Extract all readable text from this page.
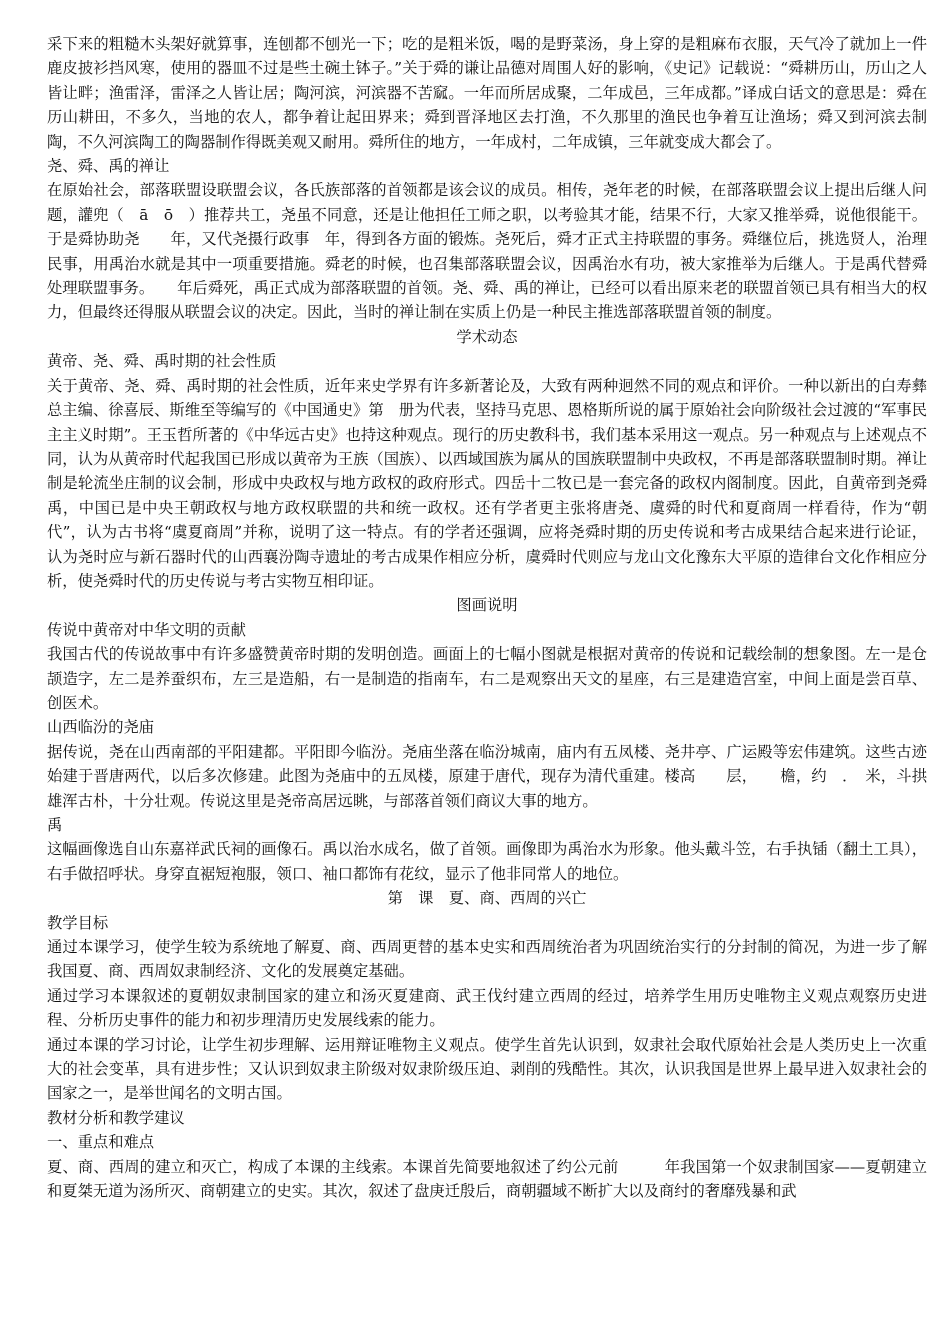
采下来的粗糙木头架好就算事，连刨都不刨光一下；吃的是粗米饭，喝的是野菜汤，身上穿的是粗麻布衣服，天气冷了就加上一件鹿皮披衫挡风寒，使用的器皿不过是些土碗土钵子。”关于舜的谦让品德对周围人好的影响，《史记》记载说：“舜耕历山，历山之人皆让畔；渔雷泽，雷泽之人皆让居；陶河滨，河滨器不苦窳。一年而所居成聚，二年成邑，三年成都。”译成白话文的意思是：舜在历山耕田，不多久，当地的农人，都争着让起田界来；舜到晋泽地区去打渔，不久那里的渔民也争着互让渔场；舜又到河滨去制陶，不久河滨陶工的陶器制作得既美观又耐用。舜所住的地方，一年成村，二年成镇，三年就变成大都会了。

尧、舜、禹的禅让

在原始社会，部落联盟设联盟会议，各氏族部落的首领都是该会议的成员。相传，尧年老的时候，在部落联盟会议上提出后继人问题，讙兜（　ā　ō　）推荐共工，尧虽不同意，还是让他担任工师之职，以考验其才能，结果不行，大家又推举舜，说他很能干。于是舜协助尧　　年，又代尧摄行政事　年，得到各方面的锻炼。尧死后，舜才正式主持联盟的事务。舜继位后，挑选贤人，治理民事，用禹治水就是其中一项重要措施。舜老的时候，也召集部落联盟会议，因禹治水有功，被大家推举为后继人。于是禹代替舜处理联盟事务。　　年后舜死，禹正式成为部落联盟的首领。尧、舜、禹的禅让，已经可以看出原来老的联盟首领已具有相当大的权力，但最终还得服从联盟会议的决定。因此，当时的禅让制在实质上仍是一种民主推选部落联盟首领的制度。

学术动态

黄帝、尧、舜、禹时期的社会性质

关于黄帝、尧、舜、禹时期的社会性质，近年来史学界有许多新著论及，大致有两种迥然不同的观点和评价。一种以新出的白寿彝总主编、徐喜辰、斯维至等编写的《中国通史》第　册为代表，坚持马克思、恩格斯所说的属于原始社会向阶级社会过渡的“军事民主主义时期”。王玉哲所著的《中华远古史》也持这种观点。现行的历史教科书，我们基本采用这一观点。另一种观点与上述观点不同，认为从黄帝时代起我国已形成以黄帝为王族（国族）、以西域国族为属从的国族联盟制中央政权，不再是部落联盟制时期。禅让制是轮流坐庄制的议会制，形成中央政权与地方政权的政府形式。四岳十二牧已是一套完备的政权内阁制度。因此，自黄帝到尧舜禹，中国已是中央王朝政权与地方政权联盟的共和统一政权。还有学者更主张将唐尧、虞舜的时代和夏商周一样看待，作为“朝代”，认为古书将“虞夏商周”并称，说明了这一特点。有的学者还强调，应将尧舜时期的历史传说和考古成果结合起来进行论证，认为尧时应与新石器时代的山西襄汾陶寺遗址的考古成果作相应分析，虞舜时代则应与龙山文化豫东大平原的造律台文化作相应分析，使尧舜时代的历史传说与考古实物互相印证。

图画说明

传说中黄帝对中华文明的贡献

我国古代的传说故事中有许多盛赞黄帝时期的发明创造。画面上的七幅小图就是根据对黄帝的传说和记载绘制的想象图。左一是仓颉造字，左二是养蚕织布，左三是造船，右一是制造的指南车，右二是观察出天文的星座，右三是建造宫室，中间上面是尝百草、创医术。

山西临汾的尧庙

据传说，尧在山西南部的平阳建都。平阳即今临汾。尧庙坐落在临汾城南，庙内有五凤楼、尧井亭、广运殿等宏伟建筑。这些古迹始建于晋唐两代，以后多次修建。此图为尧庙中的五凤楼，原建于唐代，现存为清代重建。楼高　　层，　　檐，约　．　米，斗拱雄浑古朴，十分壮观。传说这里是尧帝高居远眺，与部落首领们商议大事的地方。

禹

这幅画像选自山东嘉祥武氏祠的画像石。禹以治水成名，做了首领。画像即为禹治水为形象。他头戴斗笠，右手执锸（翻土工具），右手做招呼状。身穿直裾短袍服，领口、袖口都饰有花纹，显示了他非同常人的地位。

第　课　夏、商、西周的兴亡

教学目标

通过本课学习，使学生较为系统地了解夏、商、西周更替的基本史实和西周统治者为巩固统治实行的分封制的简况，为进一步了解我国夏、商、西周奴隶制经济、文化的发展奠定基础。

通过学习本课叙述的夏朝奴隶制国家的建立和汤灭夏建商、武王伐纣建立西周的经过，培养学生用历史唯物主义观点观察历史进程、分析历史事件的能力和初步理清历史发展线索的能力。

通过本课的学习讨论，让学生初步理解、运用辩证唯物主义观点。使学生首先认识到，奴隶社会取代原始社会是人类历史上一次重大的社会变革，具有进步性；又认识到奴隶主阶级对奴隶阶级压迫、剥削的残酷性。其次，认识我国是世界上最早进入奴隶社会的国家之一，是举世闻名的文明古国。

教材分析和教学建议

一、重点和难点

夏、商、西周的建立和灭亡，构成了本课的主线索。本课首先简要地叙述了约公元前　　　年我国第一个奴隶制国家——夏朝建立和夏桀无道为汤所灭、商朝建立的史实。其次，叙述了盘庚迁殷后，商朝疆域不断扩大以及商纣的奢靡残暴和武
